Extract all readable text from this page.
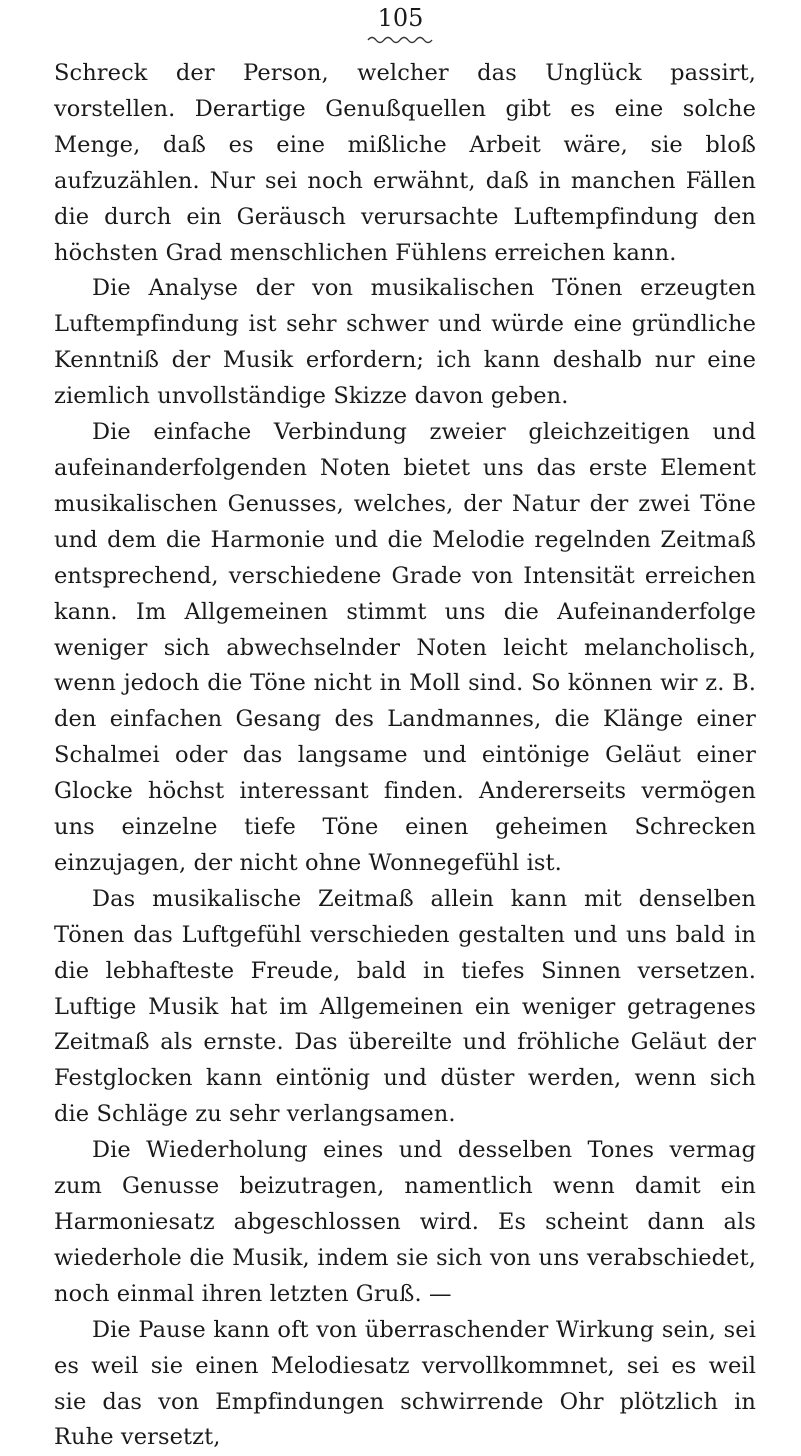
105

Schreck der Person, welcher das Unglück passirt, vorstellen. Derartige Genußquellen gibt es eine solche Menge, daß es eine mißliche Arbeit wäre, sie bloß aufzuzählen. Nur sei noch erwähnt, daß in manchen Fällen die durch ein Geräusch verursachte Luftempfindung den höchsten Grad menschlichen Fühlens erreichen kann.

Die Analyse der von musikalischen Tönen erzeugten Luftempfindung ist sehr schwer und würde eine gründliche Kenntniß der Musik erfordern; ich kann deshalb nur eine ziemlich unvollständige Skizze davon geben.

Die einfache Verbindung zweier gleichzeitigen und aufeinanderfolgenden Noten bietet uns das erste Element musikalischen Genusses, welches, der Natur der zwei Töne und dem die Harmonie und die Melodie regelnden Zeitmaß entsprechend, verschiedene Grade von Intensität erreichen kann. Im Allgemeinen stimmt uns die Aufeinanderfolge weniger sich abwechselnder Noten leicht melancholisch, wenn jedoch die Töne nicht in Moll sind. So können wir z. B. den einfachen Gesang des Landmannes, die Klänge einer Schalmei oder das langsame und eintönige Geläut einer Glocke höchst interessant finden. Andererseits vermögen uns einzelne tiefe Töne einen geheimen Schrecken einzujagen, der nicht ohne Wonnegefühl ist.

Das musikalische Zeitmaß allein kann mit denselben Tönen das Luftgefühl verschieden gestalten und uns bald in die lebhafteste Freude, bald in tiefes Sinnen versetzen. Luftige Musik hat im Allgemeinen ein weniger getragenes Zeitmaß als ernste. Das übereilte und fröhliche Geläut der Festglocken kann eintönig und düster werden, wenn sich die Schläge zu sehr verlangsamen.

Die Wiederholung eines und desselben Tones vermag zum Genusse beizutragen, namentlich wenn damit ein Harmoniesatz abgeschlossen wird. Es scheint dann als wiederhole die Musik, indem sie sich von uns verabschiedet, noch einmal ihren letzten Gruß. —

Die Pause kann oft von überraschender Wirkung sein, sei es weil sie einen Melodiesatz vervollkommnet, sei es weil sie das von Empfindungen schwirrende Ohr plötzlich in Ruhe versetzt,
